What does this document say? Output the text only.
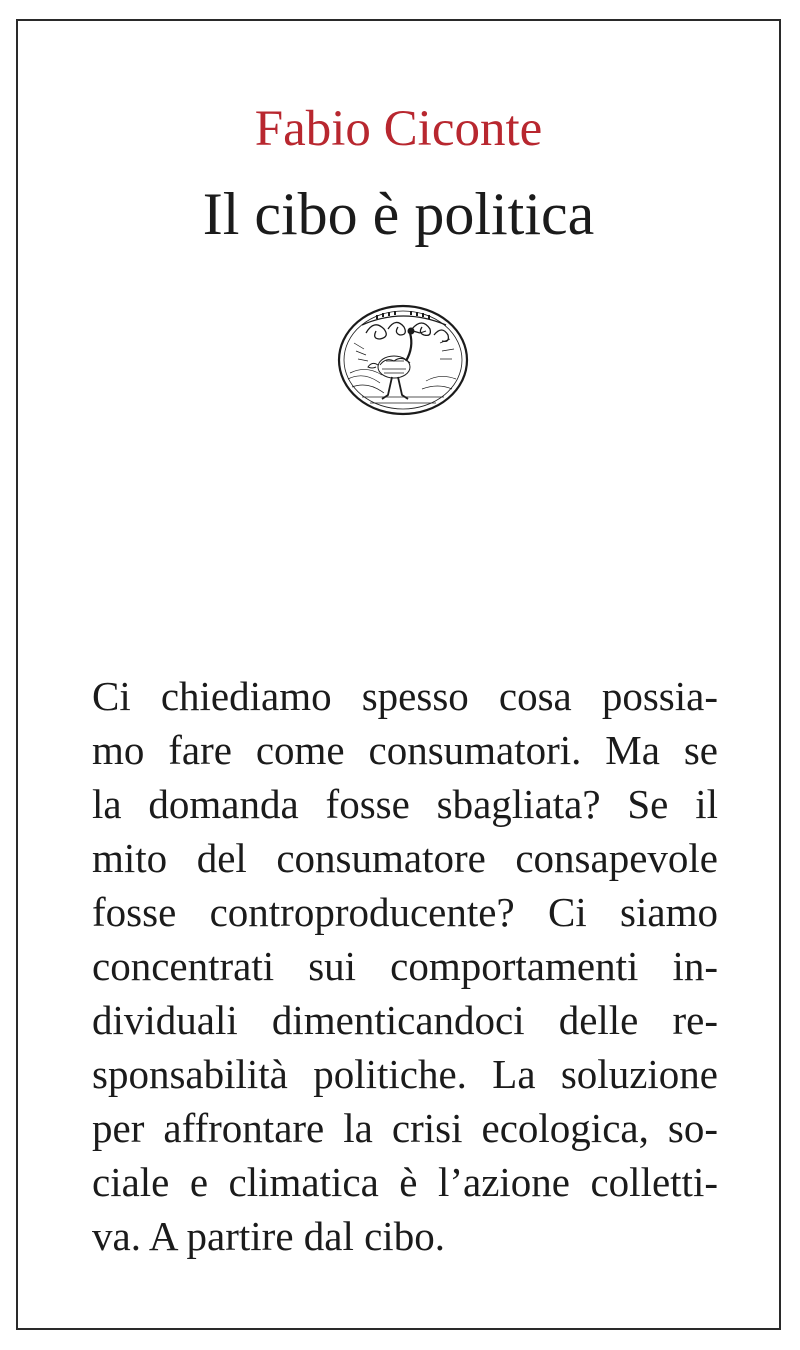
Fabio Ciconte
Il cibo è politica
Ci chiediamo spesso cosa possia-
mo fare come consumatori. Ma se
la domanda fosse sbagliata? Se il
mito del consumatore consapevole
fosse controproducente? Ci siamo
concentrati sui comportamenti in-
dividuali dimenticandoci delle re-
sponsabilità politiche. La soluzione
per affrontare la crisi ecologica, so-
ciale e climatica è l’azione colletti-
va. A partire dal cibo.
